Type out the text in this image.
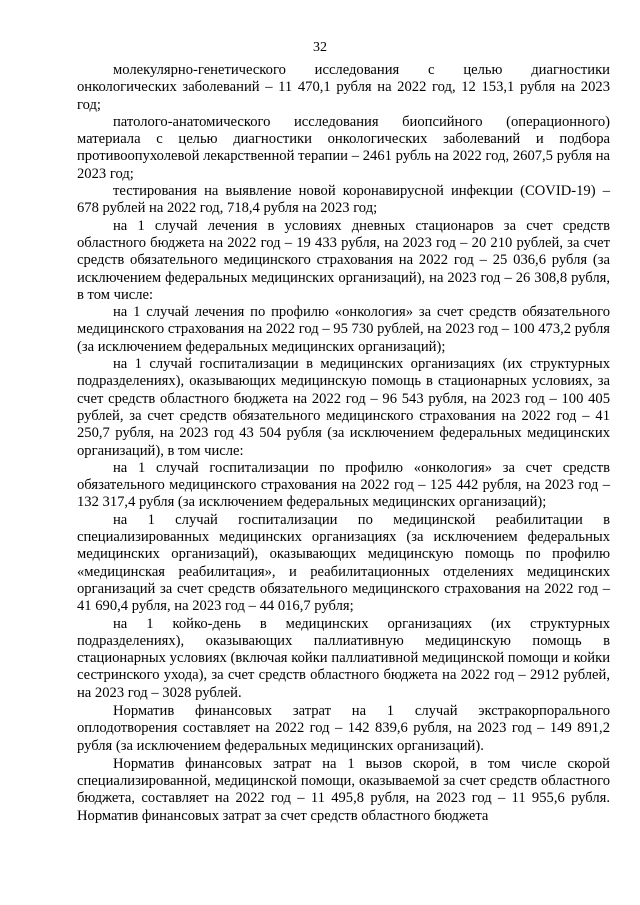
32

молекулярно-генетического исследования с целью диагностики онкологических заболеваний – 11 470,1 рубля на 2022 год, 12 153,1 рубля на 2023 год;

патолого-анатомического исследования биопсийного (операционного) материала с целью диагностики онкологических заболеваний и подбора противоопухолевой лекарственной терапии – 2461 рубль на 2022 год, 2607,5 рубля на 2023 год;

тестирования на выявление новой коронавирусной инфекции (COVID-19) – 678 рублей на 2022 год, 718,4 рубля на 2023 год;

на 1 случай лечения в условиях дневных стационаров за счет средств областного бюджета на 2022 год – 19 433 рубля, на 2023 год – 20 210 рублей, за счет средств обязательного медицинского страхования на 2022 год – 25 036,6 рубля (за исключением федеральных медицинских организаций), на 2023 год – 26 308,8 рубля, в том числе:

на 1 случай лечения по профилю «онкология» за счет средств обязательного медицинского страхования на 2022 год – 95 730 рублей, на 2023 год – 100 473,2 рубля (за исключением федеральных медицинских организаций);

на 1 случай госпитализации в медицинских организациях (их структурных подразделениях), оказывающих медицинскую помощь в стационарных условиях, за счет средств областного бюджета на 2022 год – 96 543 рубля, на 2023 год – 100 405 рублей, за счет средств обязательного медицинского страхования на 2022 год – 41 250,7 рубля, на 2023 год 43 504 рубля (за исключением федеральных медицинских организаций), в том числе:

на 1 случай госпитализации по профилю «онкология» за счет средств обязательного медицинского страхования на 2022 год – 125 442 рубля, на 2023 год – 132 317,4 рубля (за исключением федеральных медицинских организаций);

на 1 случай госпитализации по медицинской реабилитации в специализированных медицинских организациях (за исключением федеральных медицинских организаций), оказывающих медицинскую помощь по профилю «медицинская реабилитация», и реабилитационных отделениях медицинских организаций за счет средств обязательного медицинского страхования на 2022 год – 41 690,4 рубля, на 2023 год – 44 016,7 рубля;

на 1 койко-день в медицинских организациях (их структурных подразделениях), оказывающих паллиативную медицинскую помощь в стационарных условиях (включая койки паллиативной медицинской помощи и койки сестринского ухода), за счет средств областного бюджета на 2022 год – 2912 рублей, на 2023 год – 3028 рублей.

Норматив финансовых затрат на 1 случай экстракорпорального оплодотворения составляет на 2022 год – 142 839,6 рубля, на 2023 год – 149 891,2 рубля (за исключением федеральных медицинских организаций).

Норматив финансовых затрат на 1 вызов скорой, в том числе скорой специализированной, медицинской помощи, оказываемой за счет средств областного бюджета, составляет на 2022 год – 11 495,8 рубля, на 2023 год – 11 955,6 рубля. Норматив финансовых затрат за счет средств областного бюджета
